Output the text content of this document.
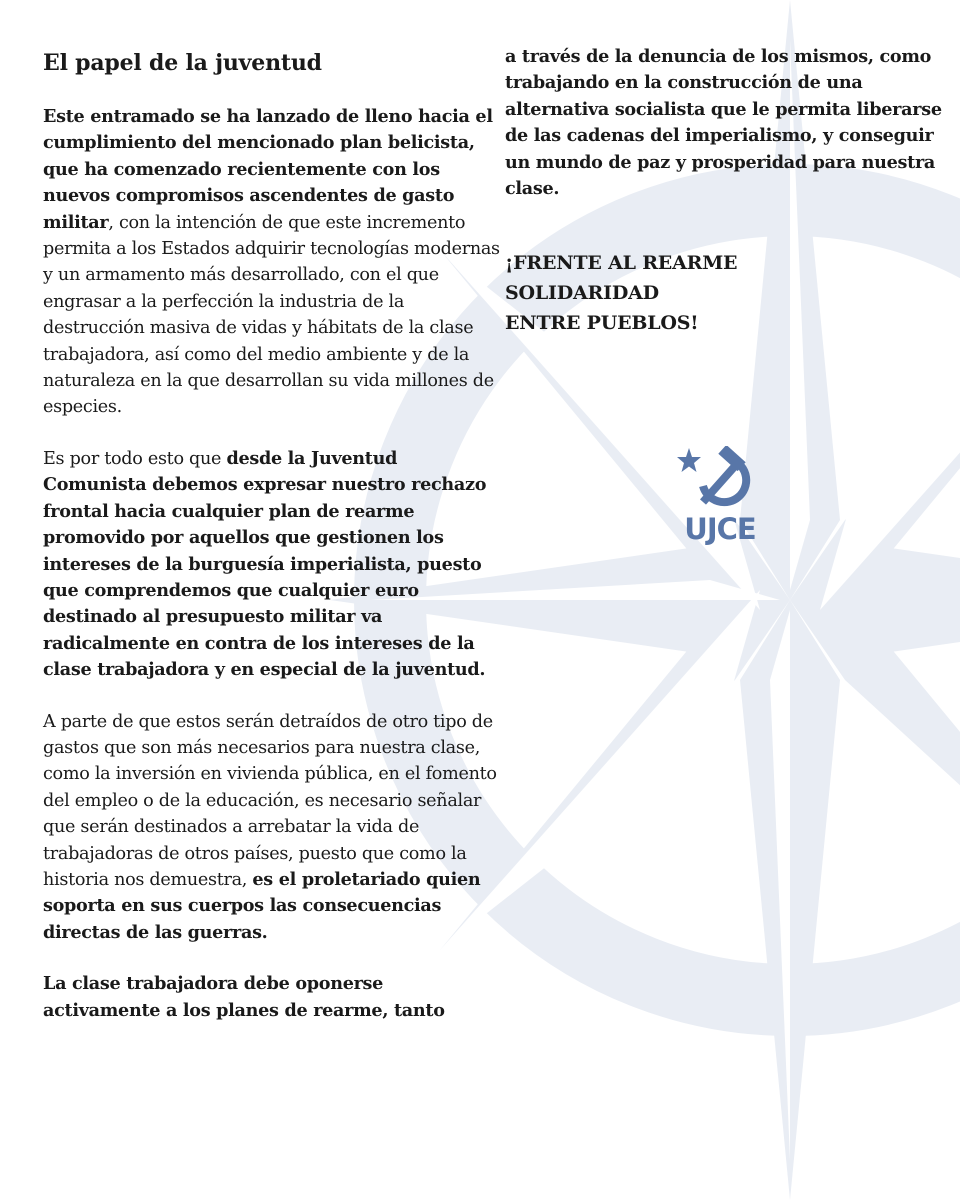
El papel de la juventud

Este entramado se ha lanzado de lleno hacia el cumplimiento del mencionado plan belicista, que ha comenzado recientemente con los nuevos compromisos ascendentes de gasto militar, con la intención de que este incremento permita a los Estados adquirir tecnologías modernas y un armamento más desarrollado, con el que engrasar a la perfección la industria de la destrucción masiva de vidas y hábitats de la clase trabajadora, así como del medio ambiente y de la naturaleza en la que desarrollan su vida millones de especies.

Es por todo esto que desde la Juventud Comunista debemos expresar nuestro rechazo frontal hacia cualquier plan de rearme promovido por aquellos que gestionen los intereses de la burguesía imperialista, puesto que comprendemos que cualquier euro destinado al presupuesto militar va radicalmente en contra de los intereses de la clase trabajadora y en especial de la juventud.

A parte de que estos serán detraídos de otro tipo de gastos que son más necesarios para nuestra clase, como la inversión en vivienda pública, en el fomento del empleo o de la educación, es necesario señalar que serán destinados a arrebatar la vida de trabajadoras de otros países, puesto que como la historia nos demuestra, es el proletariado quien soporta en sus cuerpos las consecuencias directas de las guerras.

La clase trabajadora debe oponerse activamente a los planes de rearme, tanto

a través de la denuncia de los mismos, como trabajando en la construcción de una alternativa socialista que le permita liberarse de las cadenas del imperialismo, y conseguir un mundo de paz y prosperidad para nuestra clase.

¡FRENTE AL REARME
SOLIDARIDAD
ENTRE PUEBLOS!
UJCE
